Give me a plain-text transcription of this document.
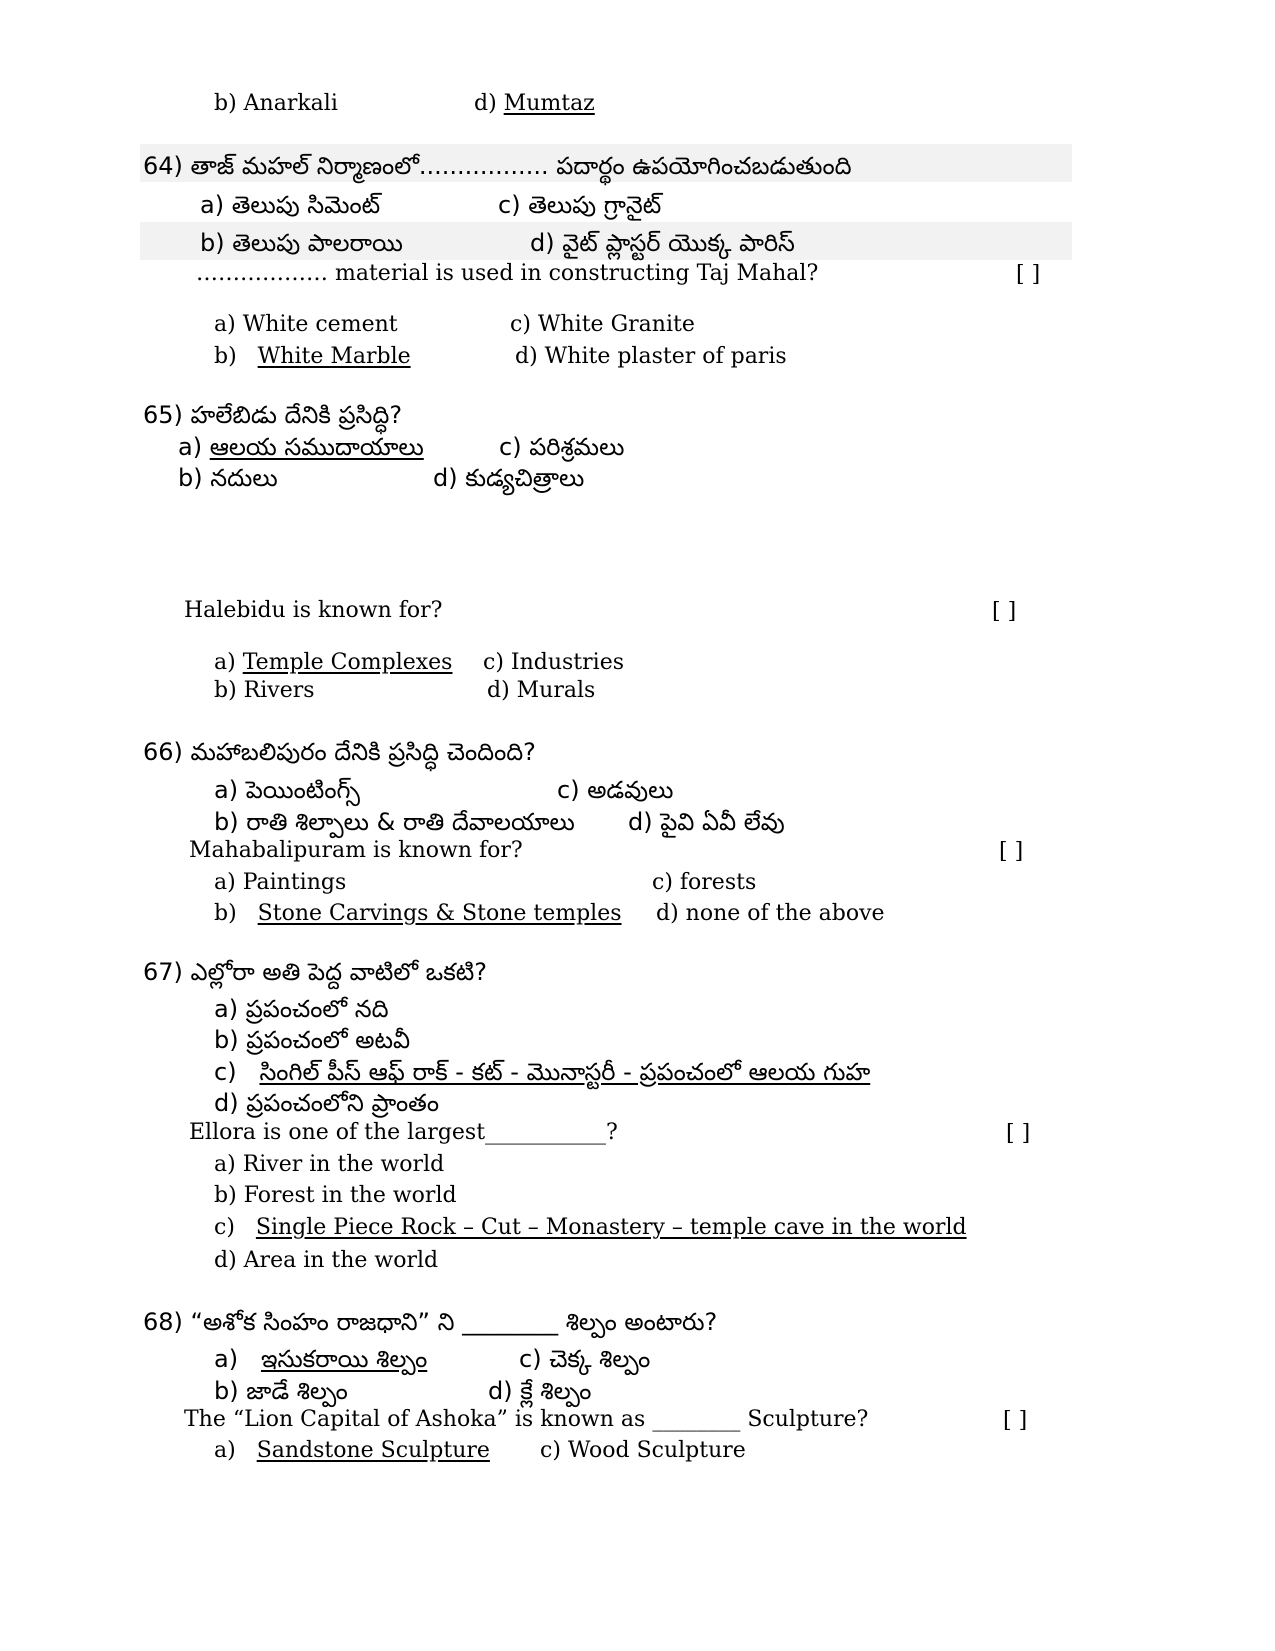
b) Anarkali	d) Mumtaz
64) తాజ్ మహల్ నిర్మాణంలో................. పదార్థం ఉపయోగించబడుతుంది
a) తెలుపు సిమెంట్	c) తెలుపు గ్రానైట్
b) తెలుపు పాలరాయి	d) వైట్ ప్లాస్టర్ యొక్క పారిస్
……………… material is used in constructing Taj Mahal?	[ ]
a) White cement	c) White Granite
b)   White Marble	d) White plaster of paris
65) హలేబిడు దేనికి ప్రసిద్ధి?
a) ఆలయ సముదాయాలు	c) పరిశ్రమలు
b) నదులు	d) కుడ్యచిత్రాలు
Halebidu is known for?	[ ]
a) Temple Complexes c) Industries
b) Rivers	d) Murals
66) మహాబలిపురం దేనికి ప్రసిద్ధి చెందింది?
a) పెయింటింగ్స్	c) అడవులు
b) రాతి శిల్పాలు & రాతి దేవాలయాలు d) పైవి ఏవీ లేవు
Mahabalipuram is known for?	[ ]
a) Paintings	c) forests
b)   Stone Carvings & Stone temples d) none of the above
67) ఎల్లోరా అతి పెద్ద వాటిలో ఒకటి?
a) ప్రపంచంలో నది
b) ప్రపంచంలో అటవీ
c)   సింగిల్ పీస్ ఆఫ్ రాక్ - కట్ - మొనాస్టరీ - ప్రపంచంలో ఆలయ గుహ
d) ప్రపంచంలోని ప్రాంతం
Ellora is one of the largest___________?	[ ]
a) River in the world
b) Forest in the world
c)   Single Piece Rock – Cut – Monastery – temple cave in the world
d) Area in the world
68) “అశోక సింహం రాజధాని” ని ________ శిల్పం అంటారు?
a)   ఇసుకరాయి శిల్పం	c) చెక్క శిల్పం
b) జాడే శిల్పం	d) క్లే శిల్పం
The “Lion Capital of Ashoka” is known as ________ Sculpture?	[ ]
a)   Sandstone Sculpture c) Wood Sculpture
